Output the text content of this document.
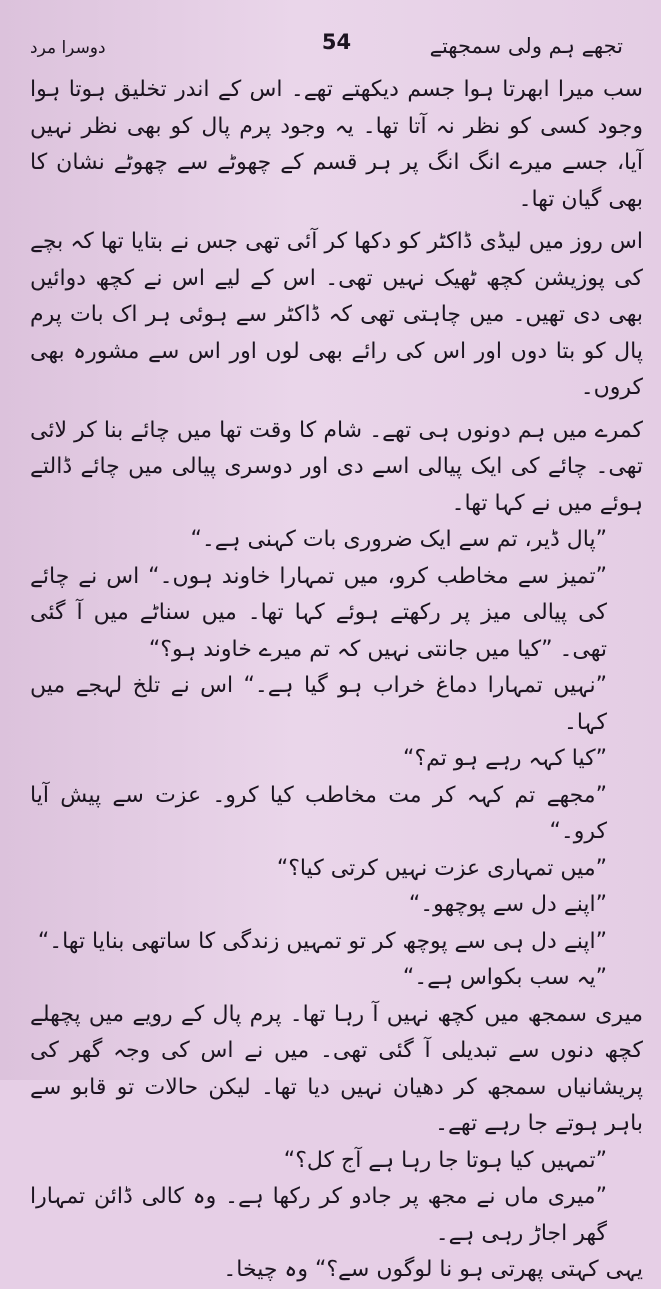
دوسرا مرد	54	تجھے ہم ولی سمجھتے

سب میرا ابھرتا ہوا جسم دیکھتے تھے۔ اس کے اندر تخلیق ہوتا ہوا وجود کسی کو نظر نہ آتا تھا۔ یہ وجود پرم پال کو بھی نظر نہیں آیا، جسے میرے انگ انگ پر ہر قسم کے چھوٹے سے چھوٹے نشان کا بھی گیان تھا۔

اس روز میں لیڈی ڈاکٹر کو دکھا کر آئی تھی جس نے بتایا تھا کہ بچے کی پوزیشن کچھ ٹھیک نہیں تھی۔ اس کے لیے اس نے کچھ دوائیں بھی دی تھیں۔ میں چاہتی تھی کہ ڈاکٹر سے ہوئی ہر اک بات پرم پال کو بتا دوں اور اس کی رائے بھی لوں اور اس سے مشورہ بھی کروں۔

کمرے میں ہم دونوں ہی تھے۔ شام کا وقت تھا میں چائے بنا کر لائی تھی۔ چائے کی ایک پیالی اسے دی اور دوسری پیالی میں چائے ڈالتے ہوئے میں نے کہا تھا۔

”پال ڈیر، تم سے ایک ضروری بات کہنی ہے۔“

”تمیز سے مخاطب کرو، میں تمہارا خاوند ہوں۔“ اس نے چائے کی پیالی میز پر رکھتے ہوئے کہا تھا۔ میں سناٹے میں آ گئی تھی۔ ”کیا میں جانتی نہیں کہ تم میرے خاوند ہو؟“

”نہیں تمہارا دماغ خراب ہو گیا ہے۔“ اس نے تلخ لہجے میں کہا۔

”کیا کہہ رہے ہو تم؟“

”مجھے تم کہہ کر مت مخاطب کیا کرو۔ عزت سے پیش آیا کرو۔“

”میں تمہاری عزت نہیں کرتی کیا؟“

”اپنے دل سے پوچھو۔“

”اپنے دل ہی سے پوچھ کر تو تمہیں زندگی کا ساتھی بنایا تھا۔“

”یہ سب بکواس ہے۔“

میری سمجھ میں کچھ نہیں آ رہا تھا۔ پرم پال کے رویے میں پچھلے کچھ دنوں سے تبدیلی آ گئی تھی۔ میں نے اس کی وجہ گھر کی پریشانیاں سمجھ کر دھیان نہیں دیا تھا۔ لیکن حالات تو قابو سے باہر ہوتے جا رہے تھے۔

”تمہیں کیا ہوتا جا رہا ہے آج کل؟“

”میری ماں نے مجھ پر جادو کر رکھا ہے۔ وہ کالی ڈائن تمہارا گھر اجاڑ رہی ہے۔

یہی کہتی پھرتی ہو نا لوگوں سے؟“ وہ چیخا۔
